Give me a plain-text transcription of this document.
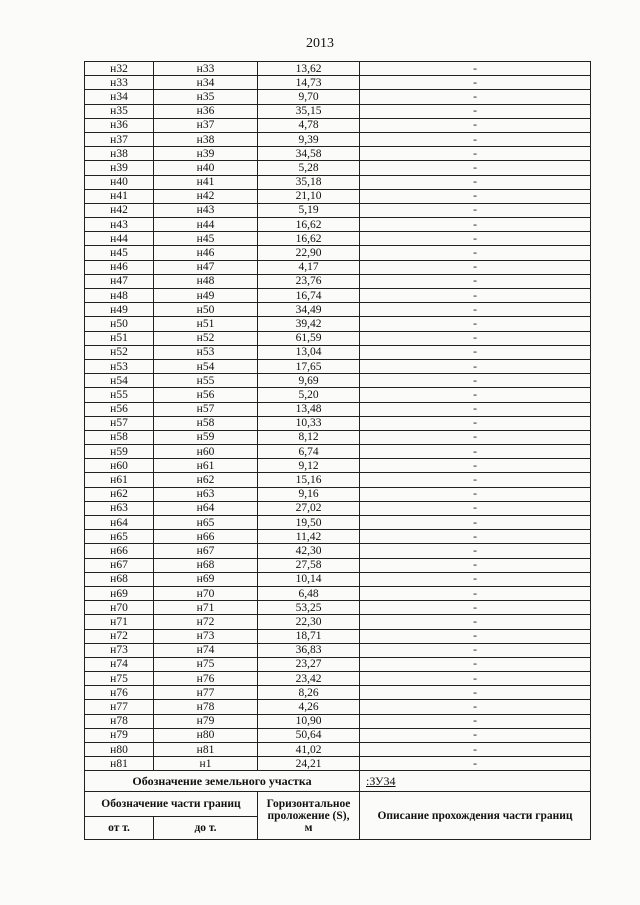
2013
н32	н33	13,62	-
н33	н34	14,73	-
н34	н35	9,70	-
н35	н36	35,15	-
н36	н37	4,78	-
н37	н38	9,39	-
н38	н39	34,58	-
н39	н40	5,28	-
н40	н41	35,18	-
н41	н42	21,10	-
н42	н43	5,19	-
н43	н44	16,62	-
н44	н45	16,62	-
н45	н46	22,90	-
н46	н47	4,17	-
н47	н48	23,76	-
н48	н49	16,74	-
н49	н50	34,49	-
н50	н51	39,42	-
н51	н52	61,59	-
н52	н53	13,04	-
н53	н54	17,65	-
н54	н55	9,69	-
н55	н56	5,20	-
н56	н57	13,48	-
н57	н58	10,33	-
н58	н59	8,12	-
н59	н60	6,74	-
н60	н61	9,12	-
н61	н62	15,16	-
н62	н63	9,16	-
н63	н64	27,02	-
н64	н65	19,50	-
н65	н66	11,42	-
н66	н67	42,30	-
н67	н68	27,58	-
н68	н69	10,14	-
н69	н70	6,48	-
н70	н71	53,25	-
н71	н72	22,30	-
н72	н73	18,71	-
н73	н74	36,83	-
н74	н75	23,27	-
н75	н76	23,42	-
н76	н77	8,26	-
н77	н78	4,26	-
н78	н79	10,90	-
н79	н80	50,64	-
н80	н81	41,02	-
н81	н1	24,21	-
Обозначение земельного участка			:ЗУ34
Обозначение части границ		Горизонтальное
проложение (S),
м	Описание прохождения части границ
от т.	до т.		
